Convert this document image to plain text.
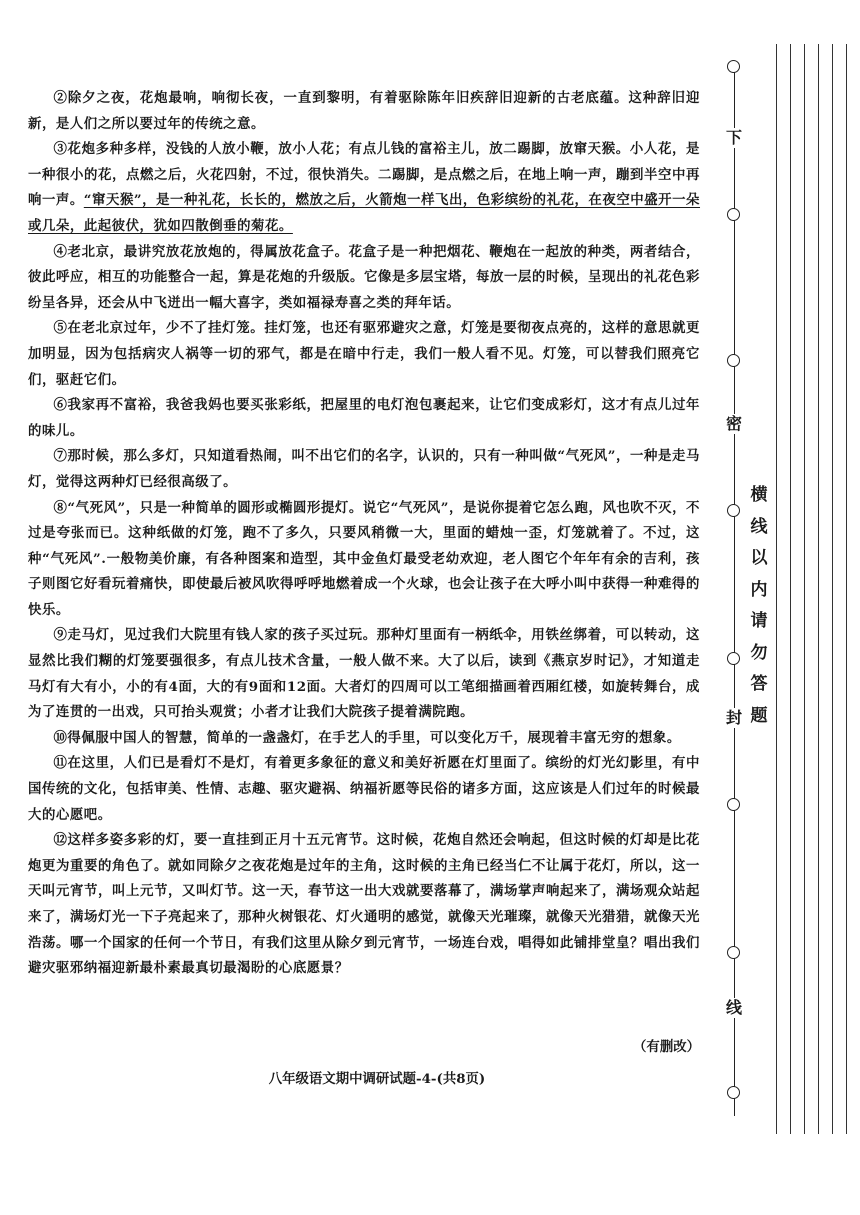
②除夕之夜，花炮最响，响彻长夜，一直到黎明，有着驱除陈年旧疾辞旧迎新的古老底蕴。这种辞旧迎新，是人们之所以要过年的传统之意。

③花炮多种多样，没钱的人放小鞭，放小人花；有点儿钱的富裕主儿，放二踢脚，放窜天猴。小人花，是一种很小的花，点燃之后，火花四射，不过，很快消失。二踢脚，是点燃之后，在地上响一声，蹦到半空中再响一声。“窜天猴”，是一种礼花，长长的，燃放之后，火箭炮一样飞出，色彩缤纷的礼花，在夜空中盛开一朵或几朵，此起彼伏，犹如四散倒垂的菊花。

④老北京，最讲究放花放炮的，得属放花盒子。花盒子是一种把烟花、鞭炮在一起放的种类，两者结合，彼此呼应，相互的功能整合一起，算是花炮的升级版。它像是多层宝塔，每放一层的时候，呈现出的礼花色彩纷呈各异，还会从中飞迸出一幅大喜字，类如福禄寿喜之类的拜年话。

⑤在老北京过年，少不了挂灯笼。挂灯笼，也还有驱邪避灾之意，灯笼是要彻夜点亮的，这样的意思就更加明显，因为包括病灾人祸等一切的邪气，都是在暗中行走，我们一般人看不见。灯笼，可以替我们照亮它们，驱赶它们。

⑥我家再不富裕，我爸我妈也要买张彩纸，把屋里的电灯泡包裹起来，让它们变成彩灯，这才有点儿过年的味儿。

⑦那时候，那么多灯，只知道看热闹，叫不出它们的名字，认识的，只有一种叫做“气死风”，一种是走马灯，觉得这两种灯已经很高级了。

⑧“气死风”，只是一种简单的圆形或椭圆形提灯。说它“气死风”，是说你提着它怎么跑，风也吹不灭，不过是夸张而已。这种纸做的灯笼，跑不了多久，只要风稍微一大，里面的蜡烛一歪，灯笼就着了。不过，这种“气死风”.一般物美价廉，有各种图案和造型，其中金鱼灯最受老幼欢迎，老人图它个年年有余的吉利，孩子则图它好看玩着痛快，即使最后被风吹得呼呼地燃着成一个火球，也会让孩子在大呼小叫中获得一种难得的快乐。

⑨走马灯，见过我们大院里有钱人家的孩子买过玩。那种灯里面有一柄纸伞，用铁丝绑着，可以转动，这显然比我们糊的灯笼要强很多，有点儿技术含量，一般人做不来。大了以后，读到《燕京岁时记》，才知道走马灯有大有小，小的有4面，大的有9面和12面。大者灯的四周可以工笔细描画着西厢红楼，如旋转舞台，成为了连贯的一出戏，只可抬头观赏；小者才让我们大院孩子提着满院跑。

⑩得佩服中国人的智慧，简单的一盏盏灯，在手艺人的手里，可以变化万千，展现着丰富无穷的想象。

⑪在这里，人们已是看灯不是灯，有着更多象征的意义和美好祈愿在灯里面了。缤纷的灯光幻影里，有中国传统的文化，包括审美、性情、志趣、驱灾避祸、纳福祈愿等民俗的诸多方面，这应该是人们过年的时候最大的心愿吧。

⑫这样多姿多彩的灯，要一直挂到正月十五元宵节。这时候，花炮自然还会响起，但这时候的灯却是比花炮更为重要的角色了。就如同除夕之夜花炮是过年的主角，这时候的主角已经当仁不让属于花灯，所以，这一天叫元宵节，叫上元节，又叫灯节。这一天，春节这一出大戏就要落幕了，满场掌声响起来了，满场观众站起来了，满场灯光一下子亮起来了，那种火树银花、灯火通明的感觉，就像天光璀璨，就像天光猎猎，就像天光浩荡。哪一个国家的任何一个节日，有我们这里从除夕到元宵节，一场连台戏，唱得如此铺排堂皇？唱出我们避灾驱邪纳福迎新最朴素最真切最渴盼的心底愿景？

（有删改）
八年级语文期中调研试题-4-(共8页)
下
密
封
线
横
线
以
内
请
勿
答
题
